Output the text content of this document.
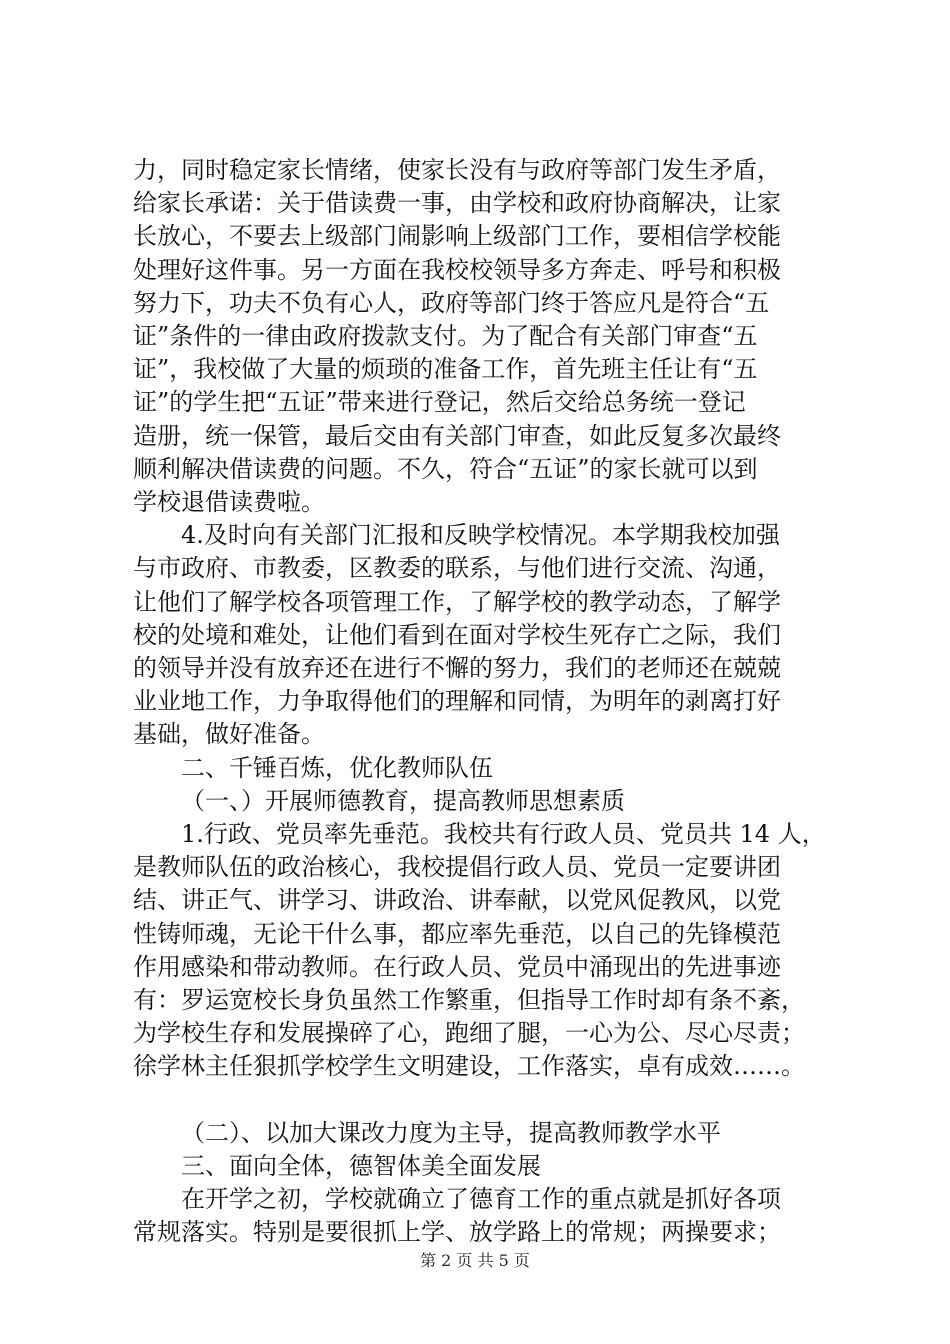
力，同时稳定家长情绪，使家长没有与政府等部门发生矛盾，
给家长承诺：关于借读费一事，由学校和政府协商解决，让家
长放心，不要去上级部门闹影响上级部门工作，要相信学校能
处理好这件事。另一方面在我校校领导多方奔走、呼号和积极
努力下，功夫不负有心人，政府等部门终于答应凡是符合“五
证”条件的一律由政府拨款支付。为了配合有关部门审查“五
证”，我校做了大量的烦琐的准备工作，首先班主任让有“五
证”的学生把“五证”带来进行登记，然后交给总务统一登记
造册，统一保管，最后交由有关部门审查，如此反复多次最终
顺利解决借读费的问题。不久，符合“五证”的家长就可以到
学校退借读费啦。

4.及时向有关部门汇报和反映学校情况。本学期我校加强
与市政府、市教委，区教委的联系，与他们进行交流、沟通，
让他们了解学校各项管理工作，了解学校的教学动态，了解学
校的处境和难处，让他们看到在面对学校生死存亡之际，我们
的领导并没有放弃还在进行不懈的努力，我们的老师还在兢兢
业业地工作，力争取得他们的理解和同情，为明年的剥离打好
基础，做好准备。

二、千锤百炼，优化教师队伍

（一、）开展师德教育，提高教师思想素质

1.行政、党员率先垂范。我校共有行政人员、党员共 14 人，
是教师队伍的政治核心，我校提倡行政人员、党员一定要讲团
结、讲正气、讲学习、讲政治、讲奉献，以党风促教风，以党
性铸师魂，无论干什么事，都应率先垂范，以自己的先锋模范
作用感染和带动教师。在行政人员、党员中涌现出的先进事迹
有：罗运宽校长身负虽然工作繁重，但指导工作时却有条不紊，
为学校生存和发展操碎了心，跑细了腿，一心为公、尽心尽责；
徐学林主任狠抓学校学生文明建设，工作落实，卓有成效……。

（二）、以加大课改力度为主导，提高教师教学水平

三、面向全体，德智体美全面发展

在开学之初，学校就确立了德育工作的重点就是抓好各项
常规落实。特别是要很抓上学、放学路上的常规；两操要求；

第 2 页 共 5 页
